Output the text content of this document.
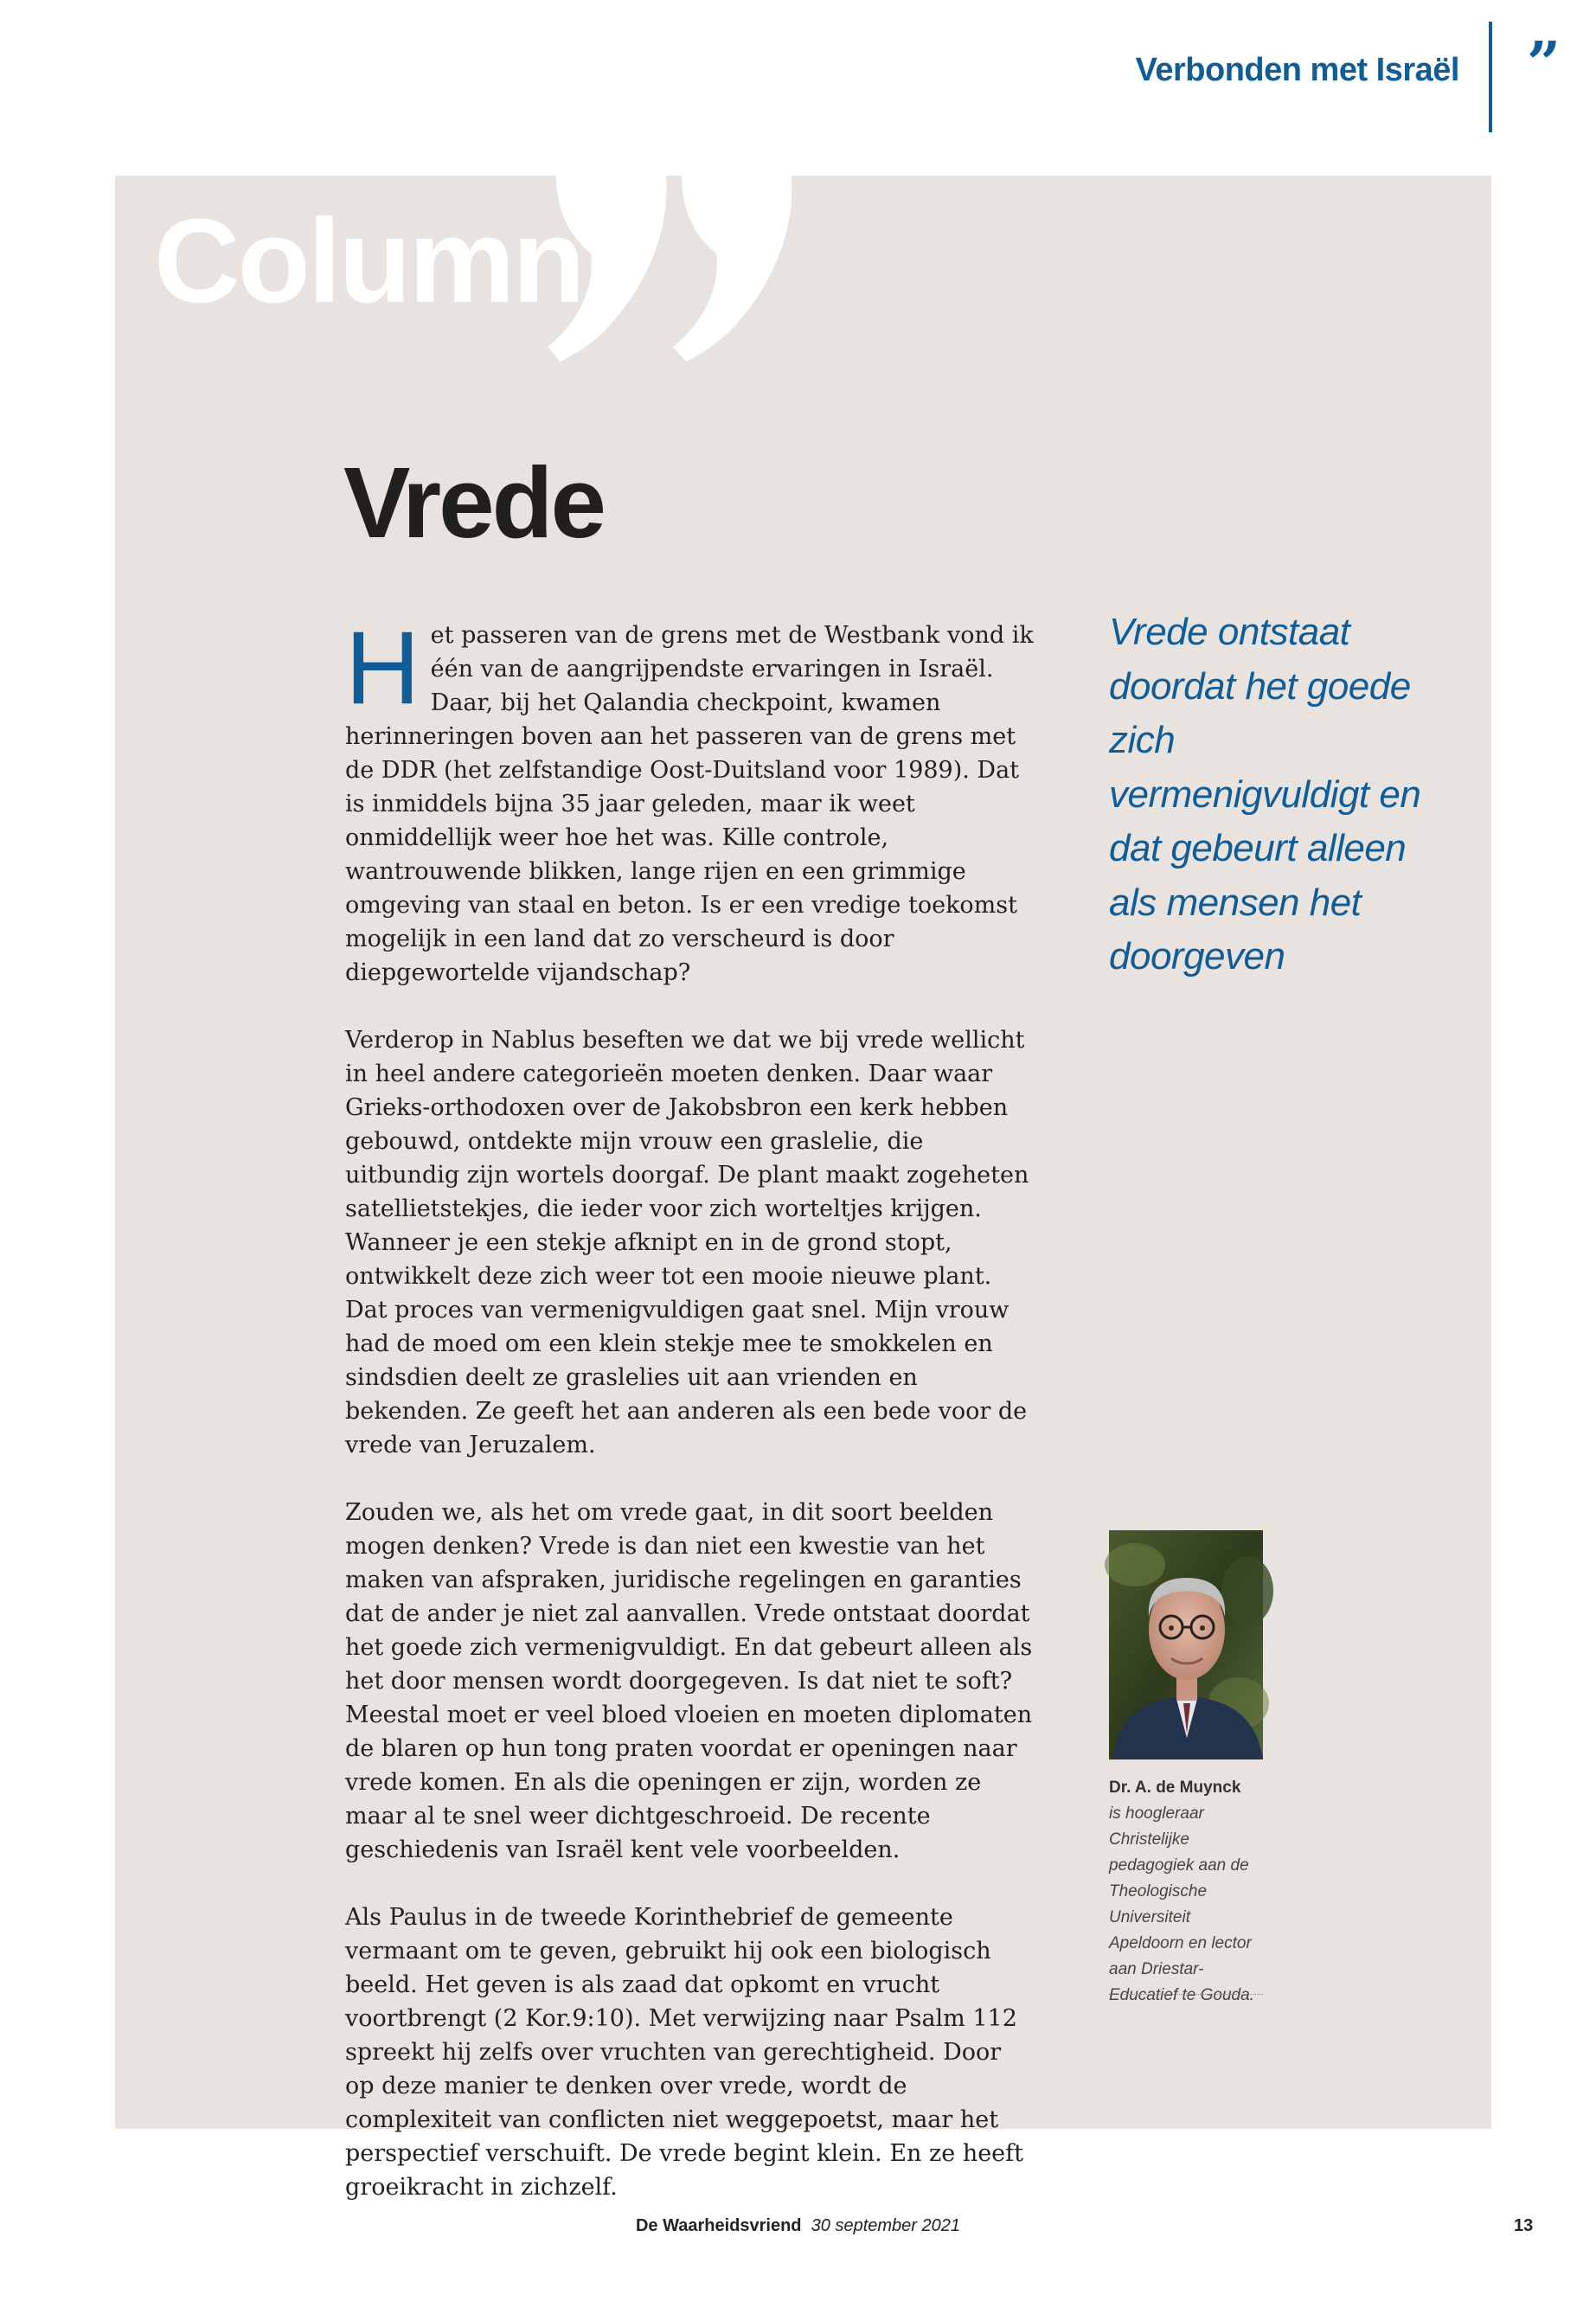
Verbonden met Israël ”
Column
Vrede

Het passeren van de grens met de Westbank vond ik één van de aangrijpendste ervaringen in Israël. Daar, bij het Qalandia checkpoint, kwamen herinneringen boven aan het passeren van de grens met de DDR (het zelfstandige Oost-Duitsland voor 1989). Dat is inmiddels bijna 35 jaar geleden, maar ik weet onmiddellijk weer hoe het was. Kille controle, wantrouwende blikken, lange rijen en een grimmige omgeving van staal en beton. Is er een vredige toekomst mogelijk in een land dat zo verscheurd is door diepgewortelde vijandschap?

Verderop in Nablus beseften we dat we bij vrede wellicht in heel andere categorieën moeten denken. Daar waar Grieks-orthodoxen over de Jakobsbron een kerk hebben gebouwd, ontdekte mijn vrouw een graslelie, die uitbundig zijn wortels doorgaf. De plant maakt zogeheten satellietstekjes, die ieder voor zich worteltjes krijgen. Wanneer je een stekje afknipt en in de grond stopt, ontwikkelt deze zich weer tot een mooie nieuwe plant. Dat proces van vermenigvuldigen gaat snel. Mijn vrouw had de moed om een klein stekje mee te smokkelen en sindsdien deelt ze graslelies uit aan vrienden en bekenden. Ze geeft het aan anderen als een bede voor de vrede van Jeruzalem.

Zouden we, als het om vrede gaat, in dit soort beelden mogen denken? Vrede is dan niet een kwestie van het maken van afspraken, juridische regelingen en garanties dat de ander je niet zal aanvallen. Vrede ontstaat doordat het goede zich vermenigvuldigt. En dat gebeurt alleen als het door mensen wordt doorgegeven. Is dat niet te soft? Meestal moet er veel bloed vloeien en moeten diplomaten de blaren op hun tong praten voordat er openingen naar vrede komen. En als die openingen er zijn, worden ze maar al te snel weer dichtgeschroeid. De recente geschiedenis van Israël kent vele voorbeelden.

Als Paulus in de tweede Korinthebrief de gemeente vermaant om te geven, gebruikt hij ook een biologisch beeld. Het geven is als zaad dat opkomt en vrucht voortbrengt (2 Kor.9:10). Met verwijzing naar Psalm 112 spreekt hij zelfs over vruchten van gerechtigheid. Door op deze manier te denken over vrede, wordt de complexiteit van conflicten niet weggepoetst, maar het perspectief verschuift. De vrede begint klein. En ze heeft groeikracht in zichzelf.

Vrede ontstaat doordat het goede zich vermenigvuldigt en dat gebeurt alleen als mensen het doorgeven
Dr. A. de Muynck
is hoogleraar Christelijke pedagogiek aan de Theologische Universiteit Apeldoorn en lector aan Driestar-Educatief te Gouda.
De Waarheidsvriend 30 september 2021	13
